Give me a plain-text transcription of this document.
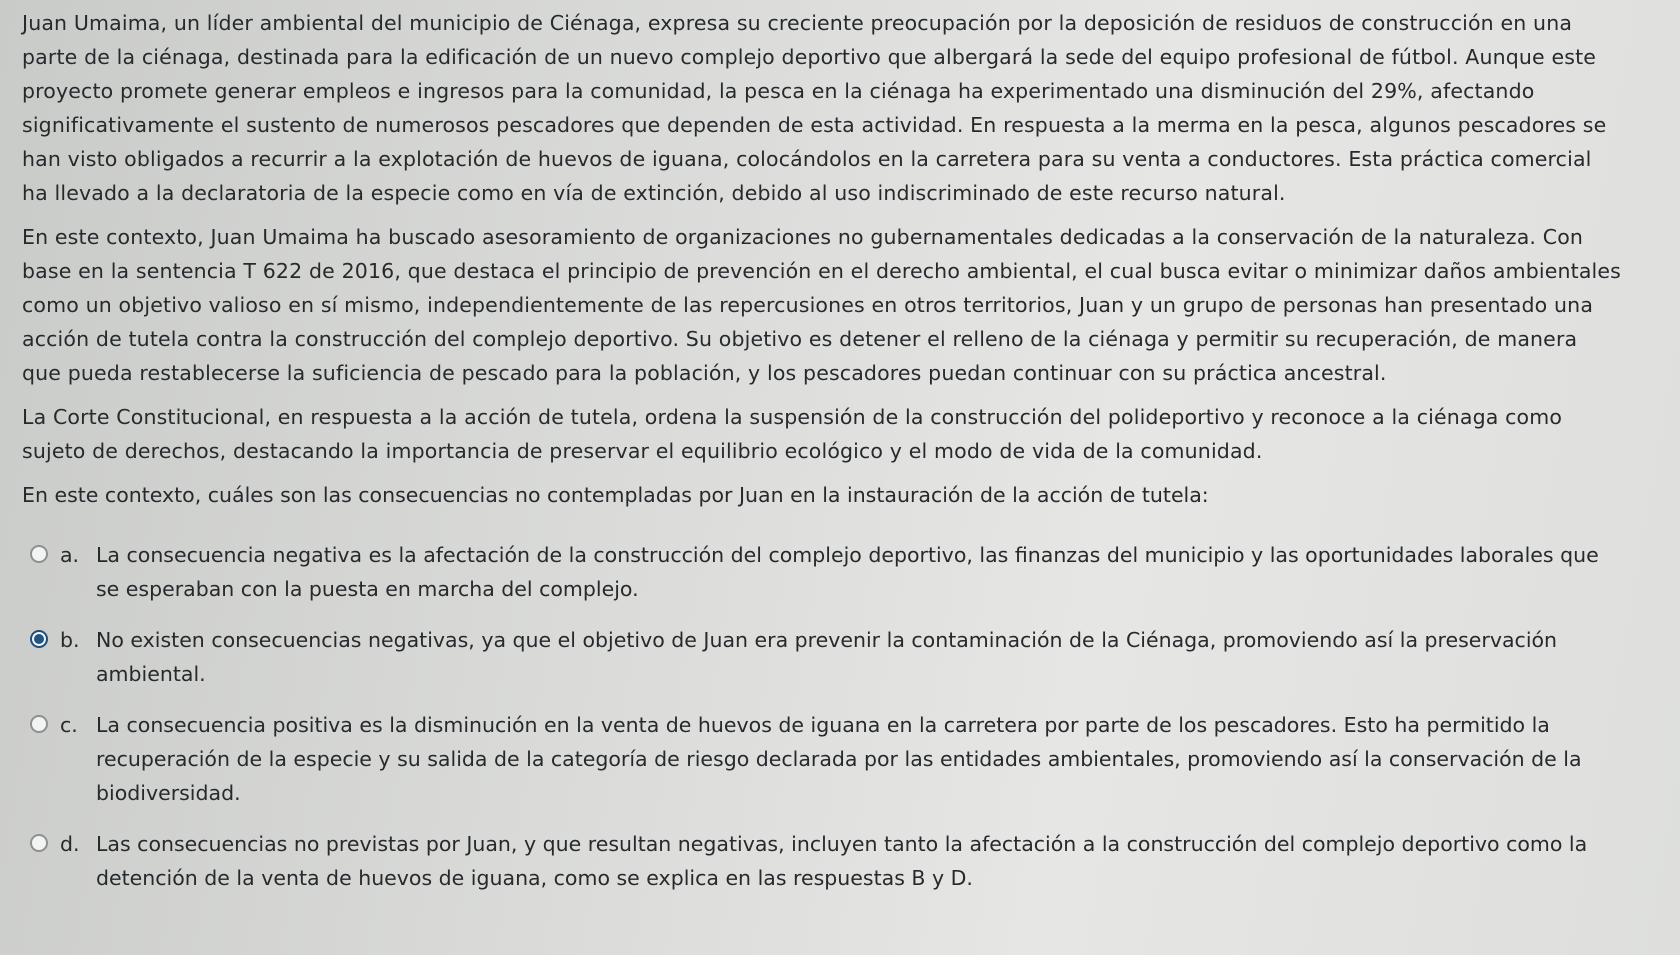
Juan Umaima, un líder ambiental del municipio de Ciénaga, expresa su creciente preocupación por la deposición de residuos de construcción en una parte de la ciénaga, destinada para la edificación de un nuevo complejo deportivo que albergará la sede del equipo profesional de fútbol. Aunque este proyecto promete generar empleos e ingresos para la comunidad, la pesca en la ciénaga ha experimentado una disminución del 29%, afectando significativamente el sustento de numerosos pescadores que dependen de esta actividad. En respuesta a la merma en la pesca, algunos pescadores se han visto obligados a recurrir a la explotación de huevos de iguana, colocándolos en la carretera para su venta a conductores. Esta práctica comercial ha llevado a la declaratoria de la especie como en vía de extinción, debido al uso indiscriminado de este recurso natural.

En este contexto, Juan Umaima ha buscado asesoramiento de organizaciones no gubernamentales dedicadas a la conservación de la naturaleza. Con base en la sentencia T 622 de 2016, que destaca el principio de prevención en el derecho ambiental, el cual busca evitar o minimizar daños ambientales como un objetivo valioso en sí mismo, independientemente de las repercusiones en otros territorios, Juan y un grupo de personas han presentado una acción de tutela contra la construcción del complejo deportivo. Su objetivo es detener el relleno de la ciénaga y permitir su recuperación, de manera que pueda restablecerse la suficiencia de pescado para la población, y los pescadores puedan continuar con su práctica ancestral.

La Corte Constitucional, en respuesta a la acción de tutela, ordena la suspensión de la construcción del polideportivo y reconoce a la ciénaga como sujeto de derechos, destacando la importancia de preservar el equilibrio ecológico y el modo de vida de la comunidad.

En este contexto, cuáles son las consecuencias no contempladas por Juan en la instauración de la acción de tutela:

a. La consecuencia negativa es la afectación de la construcción del complejo deportivo, las finanzas del municipio y las oportunidades laborales que se esperaban con la puesta en marcha del complejo.
b. No existen consecuencias negativas, ya que el objetivo de Juan era prevenir la contaminación de la Ciénaga, promoviendo así la preservación ambiental.
c. La consecuencia positiva es la disminución en la venta de huevos de iguana en la carretera por parte de los pescadores. Esto ha permitido la recuperación de la especie y su salida de la categoría de riesgo declarada por las entidades ambientales, promoviendo así la conservación de la biodiversidad.
d. Las consecuencias no previstas por Juan, y que resultan negativas, incluyen tanto la afectación a la construcción del complejo deportivo como la detención de la venta de huevos de iguana, como se explica en las respuestas B y D.
